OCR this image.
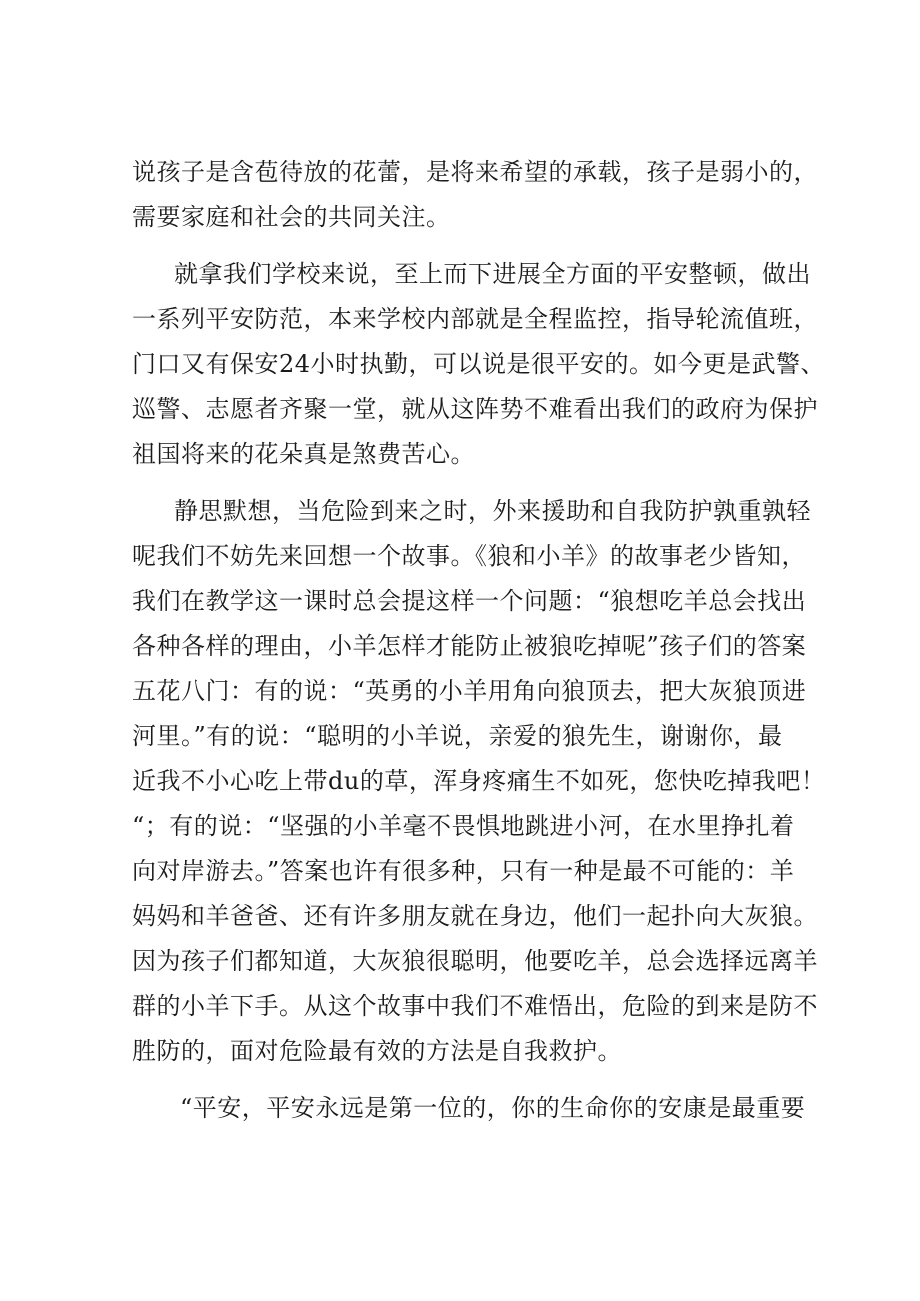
说孩子是含苞待放的花蕾，是将来希望的承载，孩子是弱小的，
需要家庭和社会的共同关注。
就拿我们学校来说，至上而下进展全方面的平安整顿，做出
一系列平安防范，本来学校内部就是全程监控，指导轮流值班，
门口又有保安24小时执勤，可以说是很平安的。如今更是武警、
巡警、志愿者齐聚一堂，就从这阵势不难看出我们的政府为保护
祖国将来的花朵真是煞费苦心。
静思默想，当危险到来之时，外来援助和自我防护孰重孰轻
呢我们不妨先来回想一个故事。《狼和小羊》的故事老少皆知，
我们在教学这一课时总会提这样一个问题：“狼想吃羊总会找出
各种各样的理由，小羊怎样才能防止被狼吃掉呢”孩子们的答案
五花八门：有的说：“英勇的小羊用角向狼顶去，把大灰狼顶进
河里。”有的说：“聪明的小羊说，亲爱的狼先生，谢谢你，最
近我不小心吃上带du的草，浑身疼痛生不如死，您快吃掉我吧！
“；有的说：“坚强的小羊毫不畏惧地跳进小河，在水里挣扎着
向对岸游去。”答案也许有很多种，只有一种是最不可能的：羊
妈妈和羊爸爸、还有许多朋友就在身边，他们一起扑向大灰狼。
因为孩子们都知道，大灰狼很聪明，他要吃羊，总会选择远离羊
群的小羊下手。从这个故事中我们不难悟出，危险的到来是防不
胜防的，面对危险最有效的方法是自我救护。
“平安，平安永远是第一位的，你的生命你的安康是最重要
